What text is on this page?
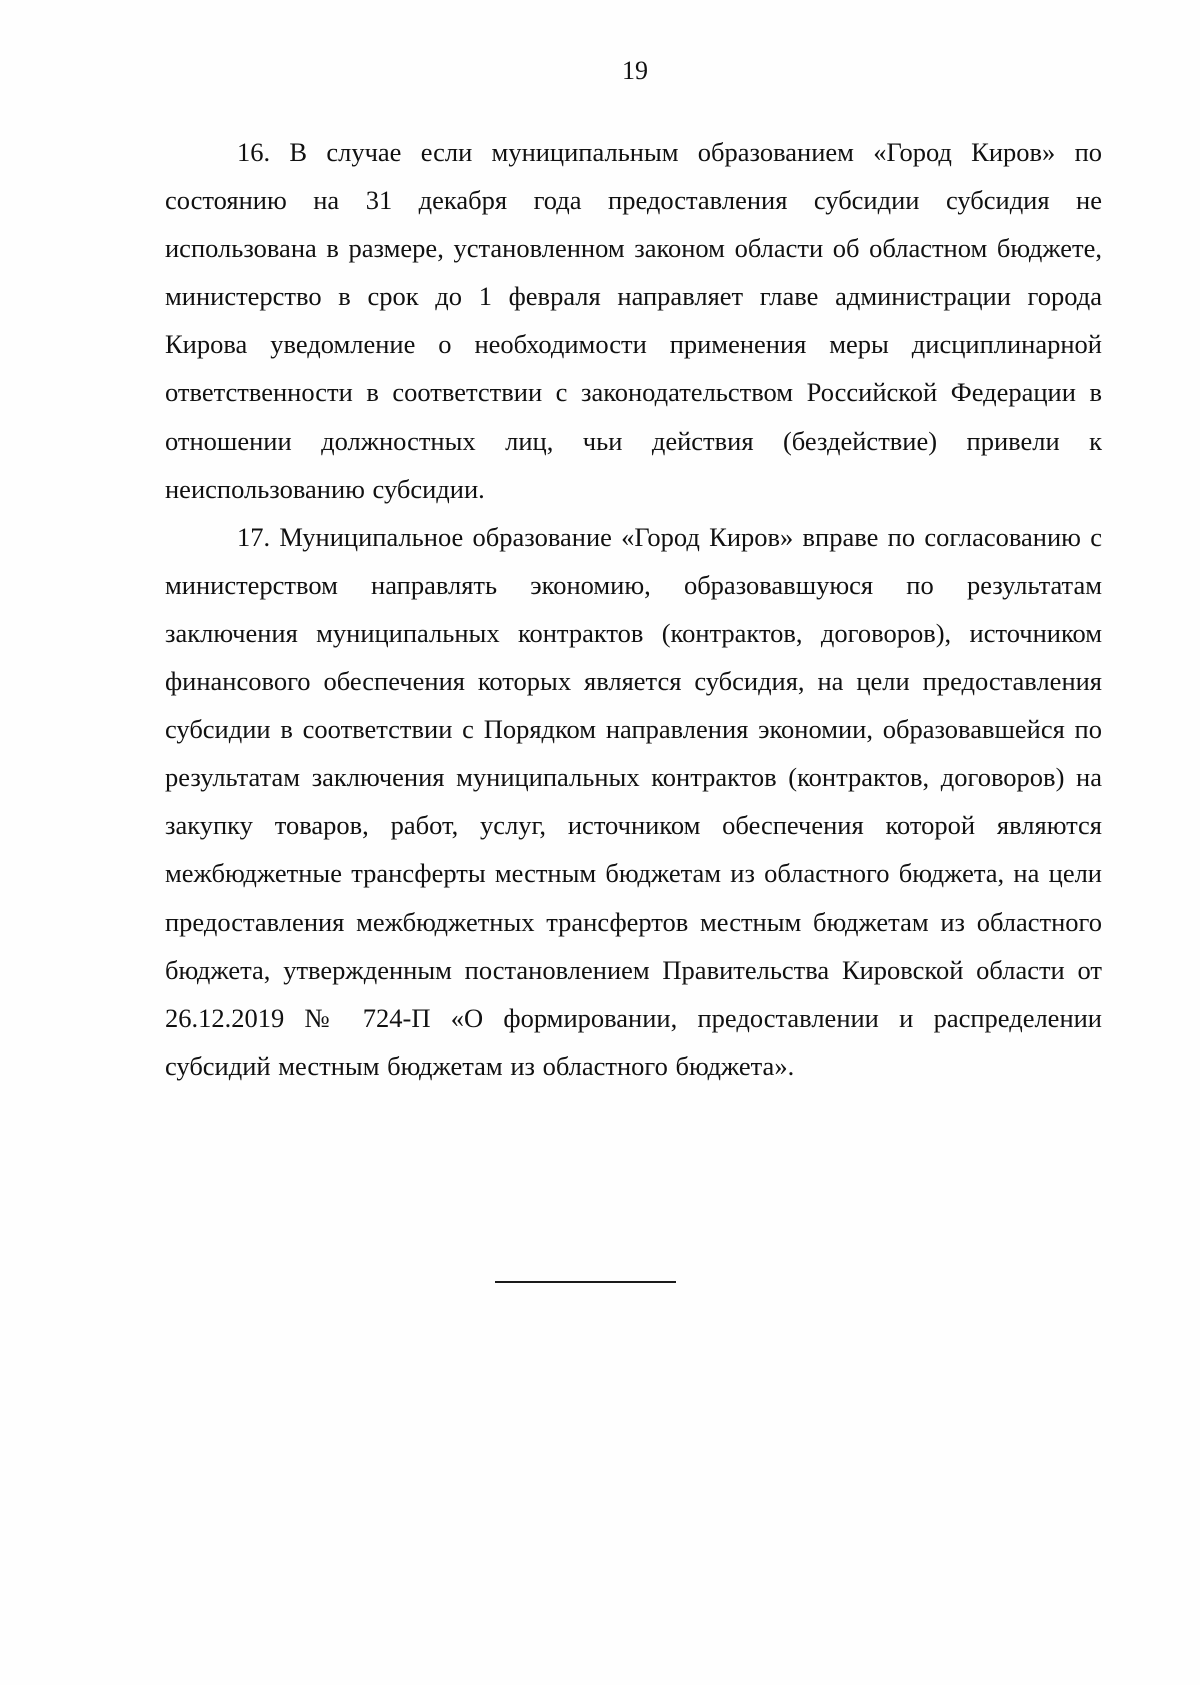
19

16. В случае если муниципальным образованием «Город Киров» по состоянию на 31 декабря года предоставления субсидии субсидия не использована в размере, установленном законом области об областном бюджете, министерство в срок до 1 февраля направляет главе администрации города Кирова уведомление о необходимости применения меры дисциплинарной ответственности в соответствии с законодательством Российской Федерации в отношении должностных лиц, чьи действия (бездействие) привели к неиспользованию субсидии.

17. Муниципальное образование «Город Киров» вправе по согласованию с министерством направлять экономию, образовавшуюся по результатам заключения муниципальных контрактов (контрактов, договоров), источником финансового обеспечения которых является субсидия, на цели предоставления субсидии в соответствии с Порядком направления экономии, образовавшейся по результатам заключения муниципальных контрактов (контрактов, договоров) на закупку товаров, работ, услуг, источником обеспечения которой являются межбюджетные трансферты местным бюджетам из областного бюджета, на цели предоставления межбюджетных трансфертов местным бюджетам из областного бюджета, утвержденным постановлением Правительства Кировской области от 26.12.2019 № 724-П «О формировании, предоставлении и распределении субсидий местным бюджетам из областного бюджета».
